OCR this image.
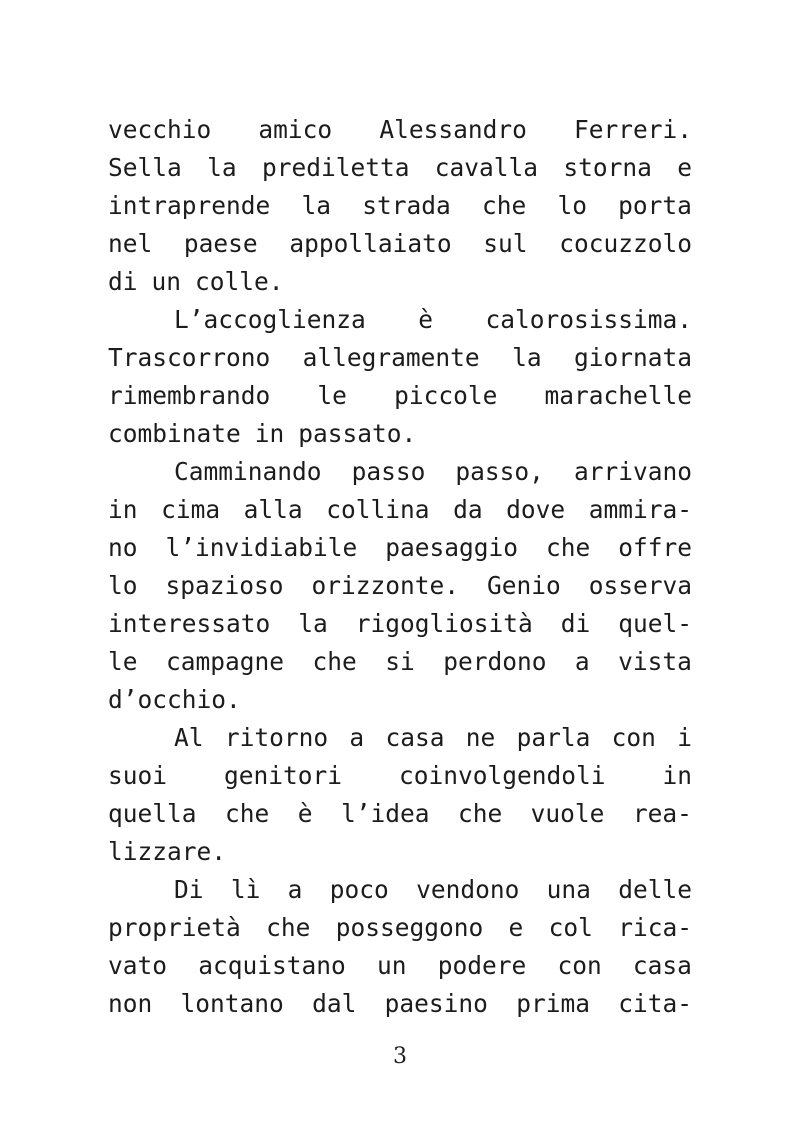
vecchio amico Alessandro Ferreri.
Sella la prediletta cavalla storna e
intraprende la strada che lo porta
nel paese appollaiato sul cocuzzolo
di un colle.
L’accoglienza è calorosissima.
Trascorrono allegramente la giornata
rimembrando le piccole marachelle
combinate in passato.
Camminando passo passo, arrivano
in cima alla collina da dove ammira-
no l’invidiabile paesaggio che offre
lo spazioso orizzonte. Genio osserva
interessato la rigogliosità di quel-
le campagne che si perdono a vista
d’occhio.
Al ritorno a casa ne parla con i
suoi genitori coinvolgendoli in
quella che è l’idea che vuole rea-
lizzare.
Di lì a poco vendono una delle
proprietà che posseggono e col rica-
vato acquistano un podere con casa
non lontano dal paesino prima cita-
3
